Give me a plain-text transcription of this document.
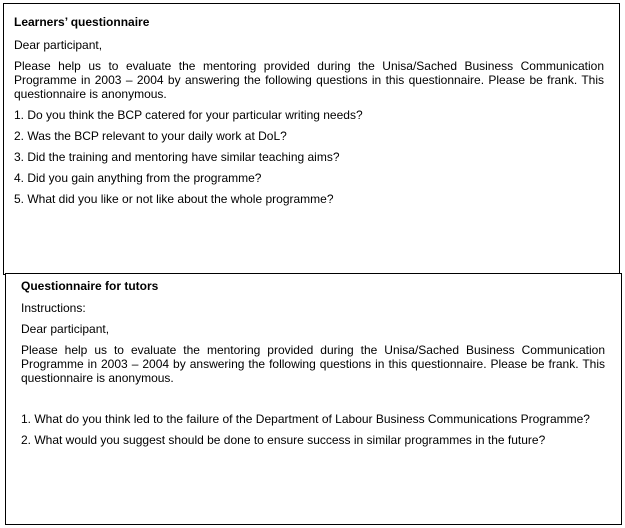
Learners’ questionnaire

Dear participant,

Please help us to evaluate the mentoring provided during the Unisa/Sached Business Communication Programme in 2003 – 2004 by answering the following questions in this questionnaire. Please be frank. This questionnaire is anonymous.

1. Do you think the BCP catered for your particular writing needs?
2. Was the BCP relevant to your daily work at DoL?
3. Did the training and mentoring have similar teaching aims?
4. Did you gain anything from the programme?
5. What did you like or not like about the whole programme?
Questionnaire for tutors

Instructions:

Dear participant,

Please help us to evaluate the mentoring provided during the Unisa/Sached Business Communication Programme in 2003 – 2004 by answering the following questions in this questionnaire. Please be frank. This questionnaire is anonymous.

1. What do you think led to the failure of the Department of Labour Business Communications Programme?
2. What would you suggest should be done to ensure success in similar programmes in the future?
